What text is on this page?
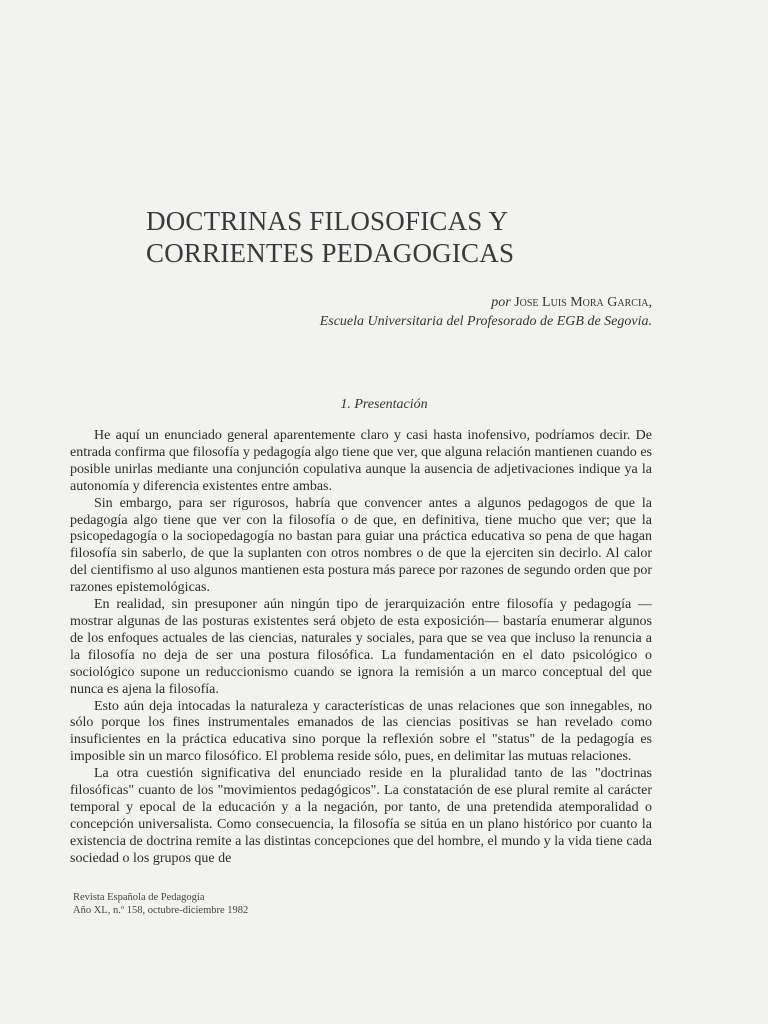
DOCTRINAS FILOSOFICAS Y
CORRIENTES PEDAGOGICAS
por Jose Luis Mora Garcia,
Escuela Universitaria del Profesorado de EGB de Segovia.
1. Presentación

He aquí un enunciado general aparentemente claro y casi hasta inofensivo, podríamos decir. De entrada confirma que filosofía y pedagogía algo tiene que ver, que alguna relación mantienen cuando es posible unirlas mediante una conjunción copulativa aunque la ausencia de adjetivaciones indique ya la autonomía y diferencia existentes entre ambas.

Sin embargo, para ser rigurosos, habría que convencer antes a algunos pedagogos de que la pedagogía algo tiene que ver con la filosofía o de que, en definitiva, tiene mucho que ver; que la psicopedagogía o la sociopedagogía no bastan para guiar una práctica educativa so pena de que hagan filosofía sin saberlo, de que la suplanten con otros nombres o de que la ejerciten sin decirlo. Al calor del cientifismo al uso algunos mantienen esta postura más parece por razones de segundo orden que por razones epistemológicas.

En realidad, sin presuponer aún ningún tipo de jerarquización entre filosofía y pedagogía —mostrar algunas de las posturas existentes será objeto de esta exposición— bastaría enumerar algunos de los enfoques actuales de las ciencias, naturales y sociales, para que se vea que incluso la renuncia a la filosofía no deja de ser una postura filosófica. La fundamentación en el dato psicológico o sociológico supone un reduccionismo cuando se ignora la remisión a un marco conceptual del que nunca es ajena la filosofía.

Esto aún deja intocadas la naturaleza y características de unas relaciones que son innegables, no sólo porque los fines instrumentales emanados de las ciencias positivas se han revelado como insuficientes en la práctica educativa sino porque la reflexión sobre el "status" de la pedagogía es imposible sin un marco filosófico. El problema reside sólo, pues, en delimitar las mutuas relaciones.

La otra cuestión significativa del enunciado reside en la pluralidad tanto de las "doctrinas filosóficas" cuanto de los "movimientos pedagógicos". La constatación de ese plural remite al carácter temporal y epocal de la educación y a la negación, por tanto, de una pretendida atemporalidad o concepción universalista. Como consecuencia, la filosofía se sitúa en un plano histórico por cuanto la existencia de doctrina remite a las distintas concepciones que del hombre, el mundo y la vida tiene cada sociedad o los grupos que de

Revista Española de Pedagogía
Año XL, n.º 158, octubre-diciembre 1982
